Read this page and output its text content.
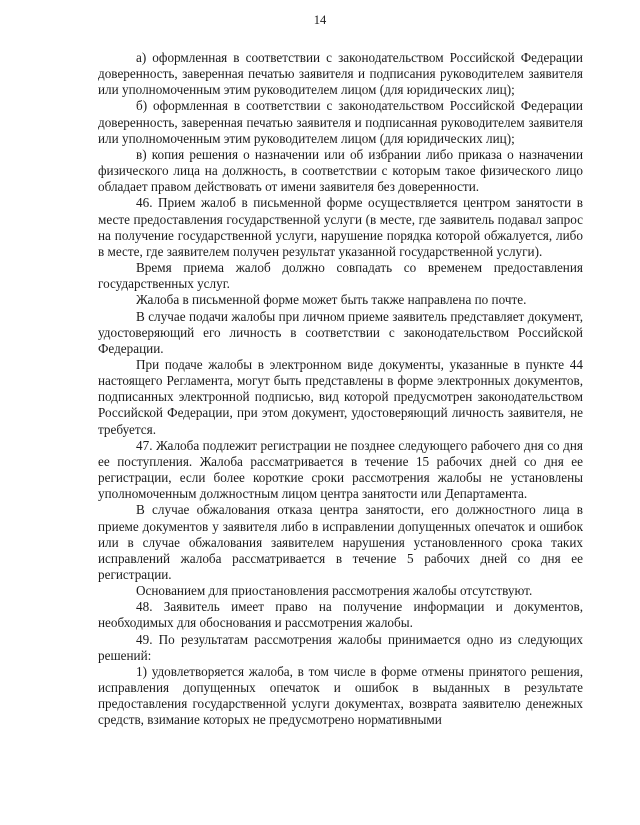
14

а) оформленная в соответствии с законодательством Российской Федерации доверенность, заверенная печатью заявителя и подписания руководителем заявителя или уполномоченным этим руководителем лицом (для юридических лиц);

б) оформленная в соответствии с законодательством Российской Федерации доверенность, заверенная печатью заявителя и подписанная руководителем заявителя или уполномоченным этим руководителем лицом (для юридических лиц);

в) копия решения о назначении или об избрании либо приказа о назначении физического лица на должность, в соответствии с которым такое физического лицо обладает правом действовать от имени заявителя без доверенности.

46. Прием жалоб в письменной форме осуществляется центром занятости в месте предоставления государственной услуги (в месте, где заявитель подавал запрос на получение государственной услуги, нарушение порядка которой обжалуется, либо в месте, где заявителем получен результат указанной государственной услуги).

Время приема жалоб должно совпадать со временем предоставления государственных услуг.

Жалоба в письменной форме может быть также направлена по почте.

В случае подачи жалобы при личном приеме заявитель представляет документ, удостоверяющий его личность в соответствии с законодательством Российской Федерации.

При подаче жалобы в электронном виде документы, указанные в пункте 44 настоящего Регламента, могут быть представлены в форме электронных документов, подписанных электронной подписью, вид которой предусмотрен законодательством Российской Федерации, при этом документ, удостоверяющий личность заявителя, не требуется.

47. Жалоба подлежит регистрации не позднее следующего рабочего дня со дня ее поступления. Жалоба рассматривается в течение 15 рабочих дней со дня ее регистрации, если более короткие сроки рассмотрения жалобы не установлены уполномоченным должностным лицом центра занятости или Департамента.

В случае обжалования отказа центра занятости, его должностного лица в приеме документов у заявителя либо в исправлении допущенных опечаток и ошибок или в случае обжалования заявителем нарушения установленного срока таких исправлений жалоба рассматривается в течение 5 рабочих дней со дня ее регистрации.

Основанием для приостановления рассмотрения жалобы отсутствуют.

48. Заявитель имеет право на получение информации и документов, необходимых для обоснования и рассмотрения жалобы.

49. По результатам рассмотрения жалобы принимается одно из следующих решений:

1) удовлетворяется жалоба, в том числе в форме отмены принятого решения, исправления допущенных опечаток и ошибок в выданных в результате предоставления государственной услуги документах, возврата заявителю денежных средств, взимание которых не предусмотрено нормативными
